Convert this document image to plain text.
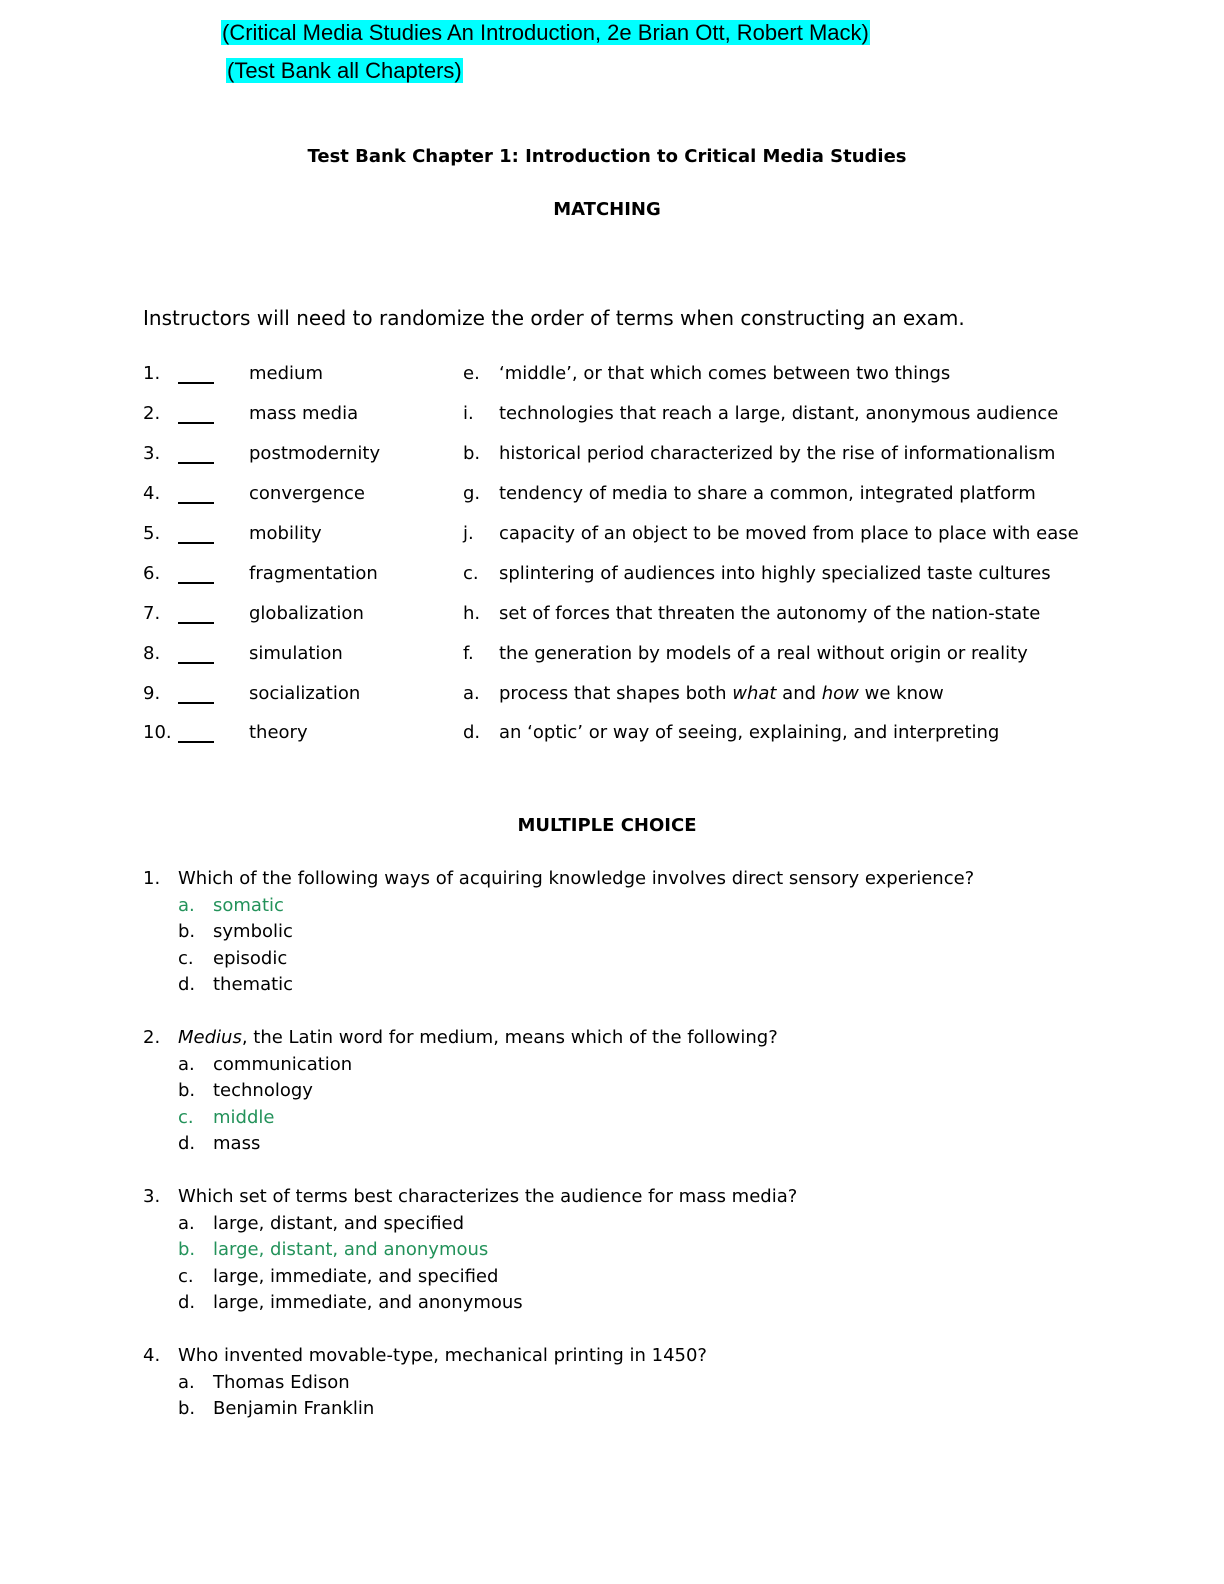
(Critical Media Studies An Introduction, 2e Brian Ott, Robert Mack)
(Test Bank all Chapters)
Test Bank Chapter 1: Introduction to Critical Media Studies
MATCHING
Instructors will need to randomize the order of terms when constructing an exam.
1.	medium	e. ‘middle’, or that which comes between two things
2.	mass media	i. technologies that reach a large, distant, anonymous audience
3.	postmodernity	b. historical period characterized by the rise of informationalism
4.	convergence	g. tendency of media to share a common, integrated platform
5.	mobility	j. capacity of an object to be moved from place to place with ease
6.	fragmentation	c. splintering of audiences into highly specialized taste cultures
7.	globalization	h. set of forces that threaten the autonomy of the nation-state
8.	simulation	f. the generation by models of a real without origin or reality
9.	socialization	a. process that shapes both what and how we know
10.	theory	d. an ‘optic’ or way of seeing, explaining, and interpreting
MULTIPLE CHOICE
1. Which of the following ways of acquiring knowledge involves direct sensory experience?
a. somatic
b. symbolic
c. episodic
d. thematic
2. Medius, the Latin word for medium, means which of the following?
a. communication
b. technology
c. middle
d. mass
3. Which set of terms best characterizes the audience for mass media?
a. large, distant, and specified
b. large, distant, and anonymous
c. large, immediate, and specified
d. large, immediate, and anonymous
4. Who invented movable-type, mechanical printing in 1450?
a. Thomas Edison
b. Benjamin Franklin
